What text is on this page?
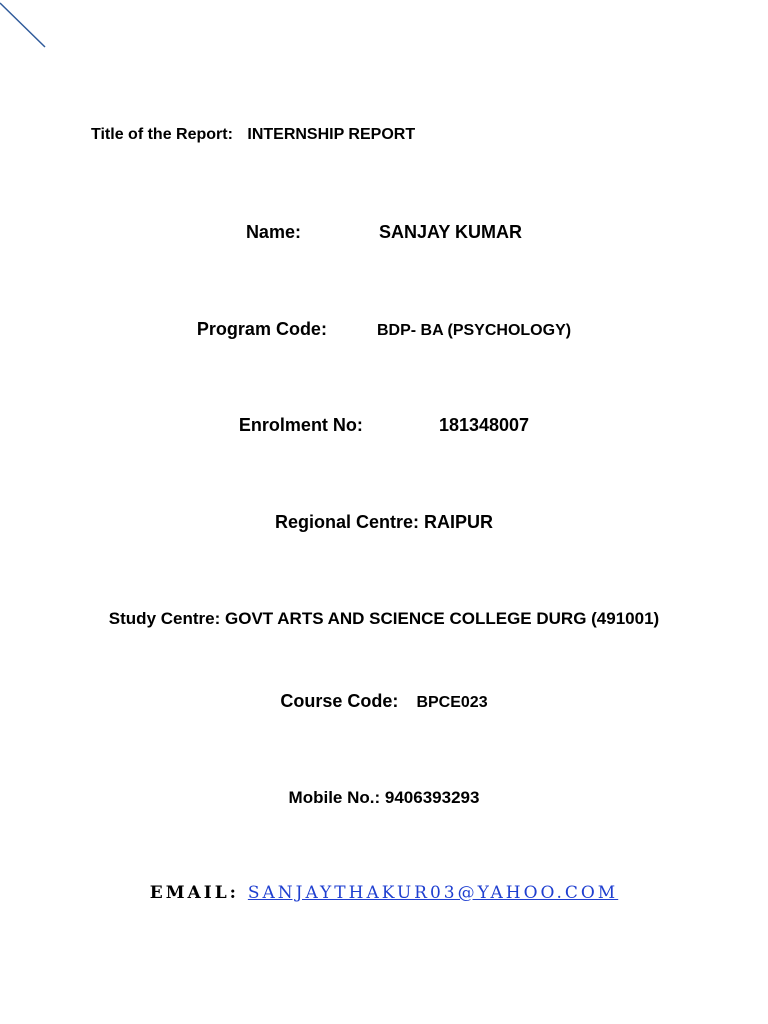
Title of the Report: INTERNSHIP REPORT
Name:	SANJAY KUMAR
Program Code:	BDP- BA (PSYCHOLOGY)
Enrolment No:	181348007
Regional Centre: RAIPUR
Study Centre: GOVT ARTS AND SCIENCE COLLEGE DURG (491001)
Course Code: BPCE023
Mobile No.: 9406393293
EMAIL: SANJAYTHAKUR03@YAHOO.COM
